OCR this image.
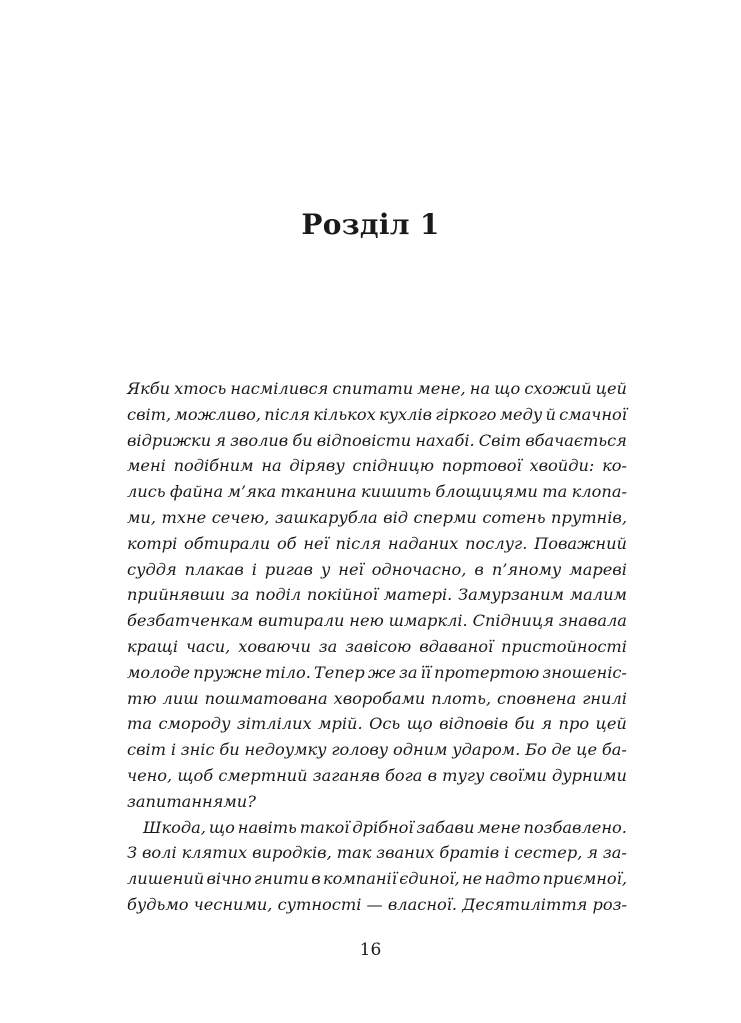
Розділ 1
Якби хтось насмілився спитати мене, на що схожий цей
світ, можливо, після кількох кухлів гіркого меду й смачної
відрижки я зволив би відповісти нахабі. Світ вбачається
мені подібним на діряву спідницю портової хвойди: ко-
лись файна м’яка тканина кишить блощицями та клопа-
ми, тхне сечею, зашкарубла від сперми сотень прутнів,
котрі обтирали об неї після наданих послуг. Поважний
суддя плакав і ригав у неї одночасно, в п’яному мареві
прийнявши за поділ покійної матері. Замурзаним малим
безбатченкам витирали нею шмарклі. Спідниця знавала
кращі часи, ховаючи за завісою вдаваної пристойності
молоде пружне тіло. Тепер же за її протертою зношеніс-
тю лиш пошматована хворобами плоть, сповнена гнилі
та смороду зітлілих мрій. Ось що відповів би я про цей
світ і зніс би недоумку голову одним ударом. Бо де це ба-
чено, щоб смертний заганяв бога в тугу своїми дурними
запитаннями?
Шкода, що навіть такої дрібної забави мене позбавлено.
З волі клятих виродків, так званих братів і сестер, я за-
лишений вічно гнити в компанії єдиної, не надто приємної,
будьмо чесними, сутності — власної. Десятиліття роз-
16
